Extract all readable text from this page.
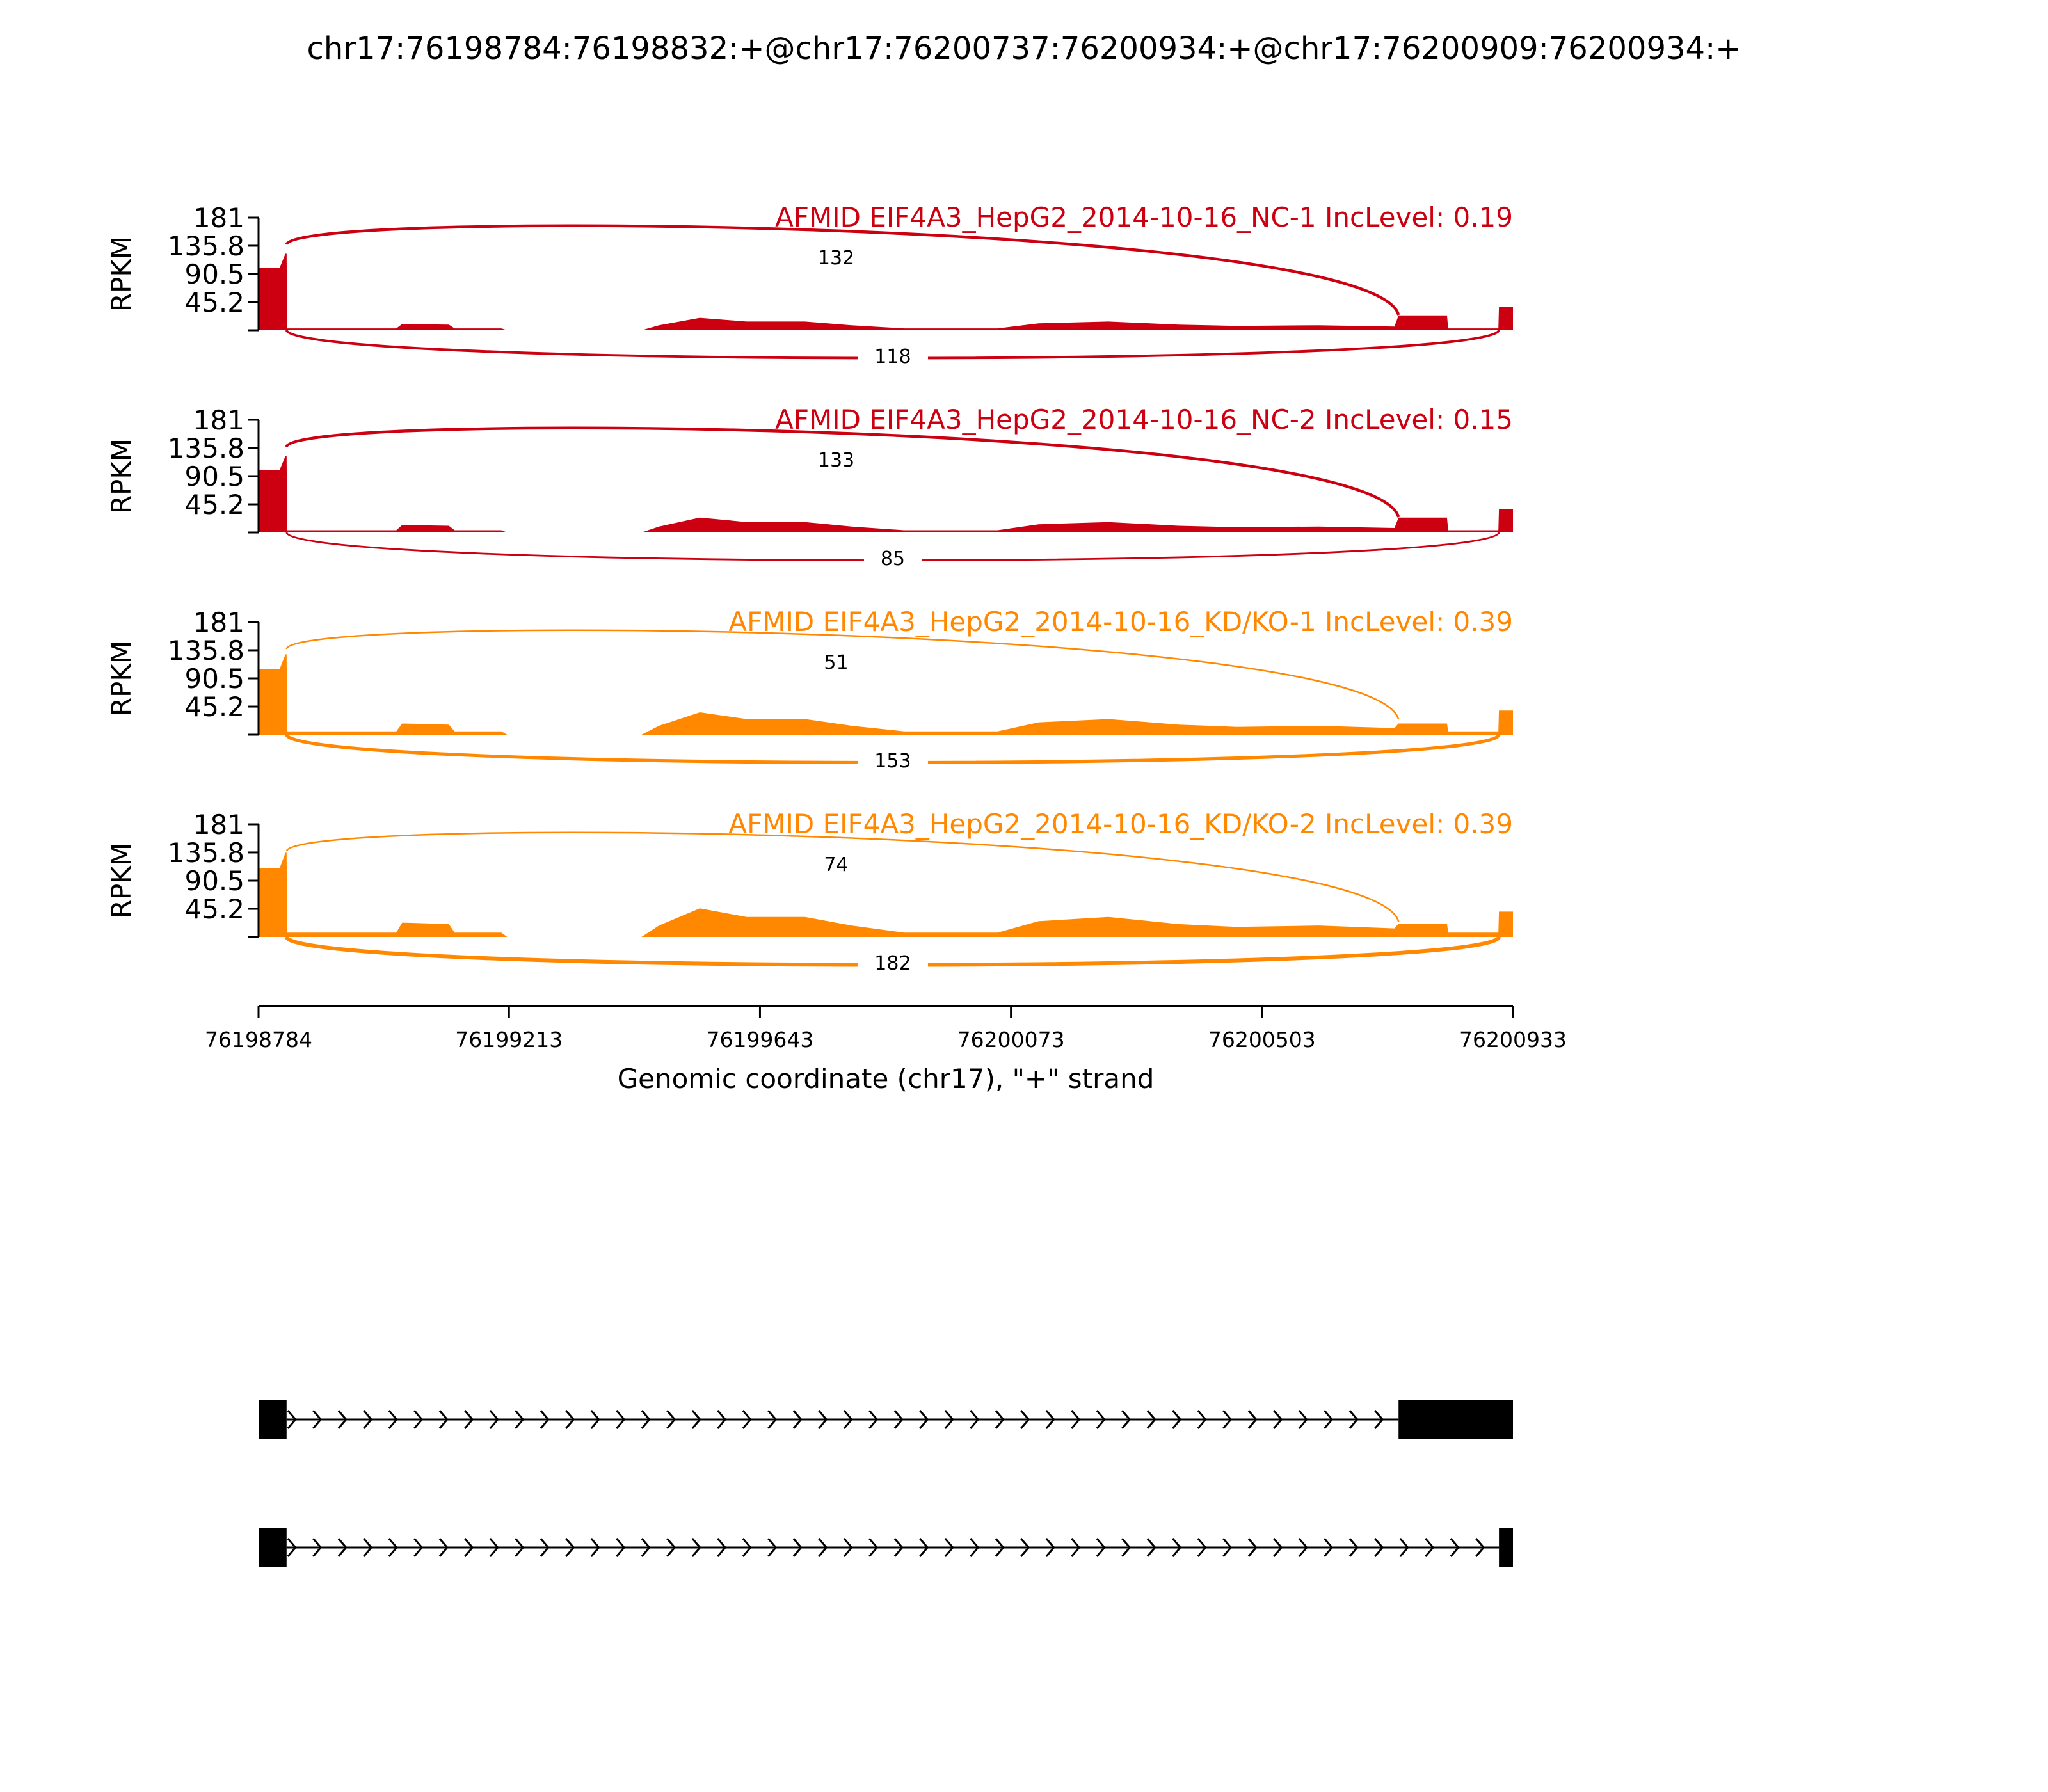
chr17:76198784:76198832:+@chr17:76200737:76200934:+@chr17:76200909:76200934:+
181
135.8
90.5
45.2
RPKM	132
118
AFMID EIF4A3_HepG2_2014-10-16_NC-1 IncLevel: 0.19
181
135.8
90.5
45.2
RPKM	133
85
AFMID EIF4A3_HepG2_2014-10-16_NC-2 IncLevel: 0.15
181
135.8
90.5
45.2
RPKM	51
153
AFMID EIF4A3_HepG2_2014-10-16_KD/KO-1 IncLevel: 0.39
181
135.8
90.5
45.2
RPKM	74
182
AFMID EIF4A3_HepG2_2014-10-16_KD/KO-2 IncLevel: 0.39
76198784	76199213	76199643	76200073	76200503	76200933
Genomic coordinate (chr17), "+" strand
